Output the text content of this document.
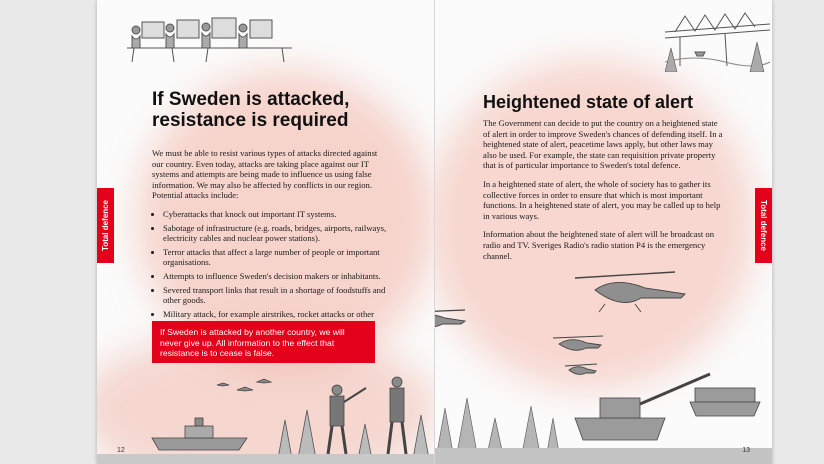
If Sweden is attacked,
resistance is required

We must be able to resist various types of attacks directed against our country. Even today, attacks are taking place against our IT systems and attempts are being made to influence us using false information. We may also be affected by conflicts in our region. Potential attacks include:

• Cyberattacks that knock out important IT systems.
• Sabotage of infrastructure (e.g. roads, bridges, airports, railways, electricity cables and nuclear power stations).
• Terror attacks that affect a large number of people or important organisations.
• Attempts to influence Sweden's decision makers or inhabitants.
• Severed transport links that result in a shortage of foodstuffs and other goods.
• Military attack, for example airstrikes, rocket attacks or other
If Sweden is attacked by another country, we will never give up. All information to the effect that resistance is to cease is false.
Total defence
12
Heightened state of alert

The Government can decide to put the country on a heightened state of alert in order to improve Sweden's chances of defending itself. In a heightened state of alert, peacetime laws apply, but other laws may also be used. For example, the state can requisition private property that is of particular importance to Sweden's total defence.

In a heightened state of alert, the whole of society has to gather its collective forces in order to ensure that which is most important functions. In a heightened state of alert, you may be called up to help in various ways.

Information about the heightened state of alert will be broadcast on radio and TV. Sveriges Radio's radio station P4 is the emergency channel.

Total defence
13
